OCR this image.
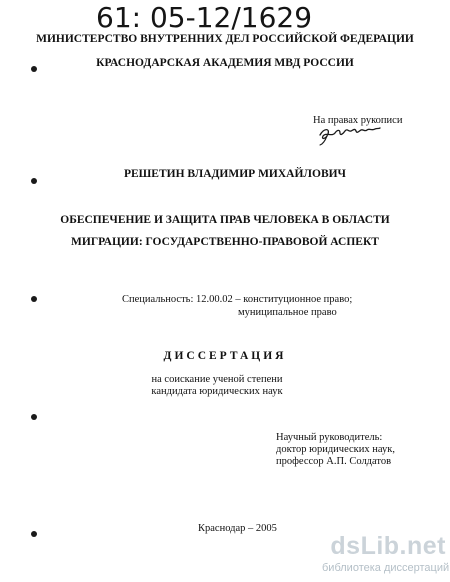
61: 05-12/1629
МИНИСТЕРСТВО ВНУТРЕННИХ ДЕЛ РОССИЙСКОЙ ФЕДЕРАЦИИ
КРАСНОДАРСКАЯ АКАДЕМИЯ МВД РОССИИ
На правах рукописи
РЕШЕТИН ВЛАДИМИР МИХАЙЛОВИЧ
ОБЕСПЕЧЕНИЕ И ЗАЩИТА ПРАВ ЧЕЛОВЕКА В ОБЛАСТИ
МИГРАЦИИ: ГОСУДАРСТВЕННО-ПРАВОВОЙ АСПЕКТ
Специальность: 12.00.02 – конституционное право;
муниципальное право
ДИССЕРТАЦИЯ
на соискание ученой степени
кандидата юридических наук
Научный руководитель:
доктор юридических наук,
профессор А.П. Солдатов
Краснодар – 2005
dsLib.net
библиотека диссертаций
